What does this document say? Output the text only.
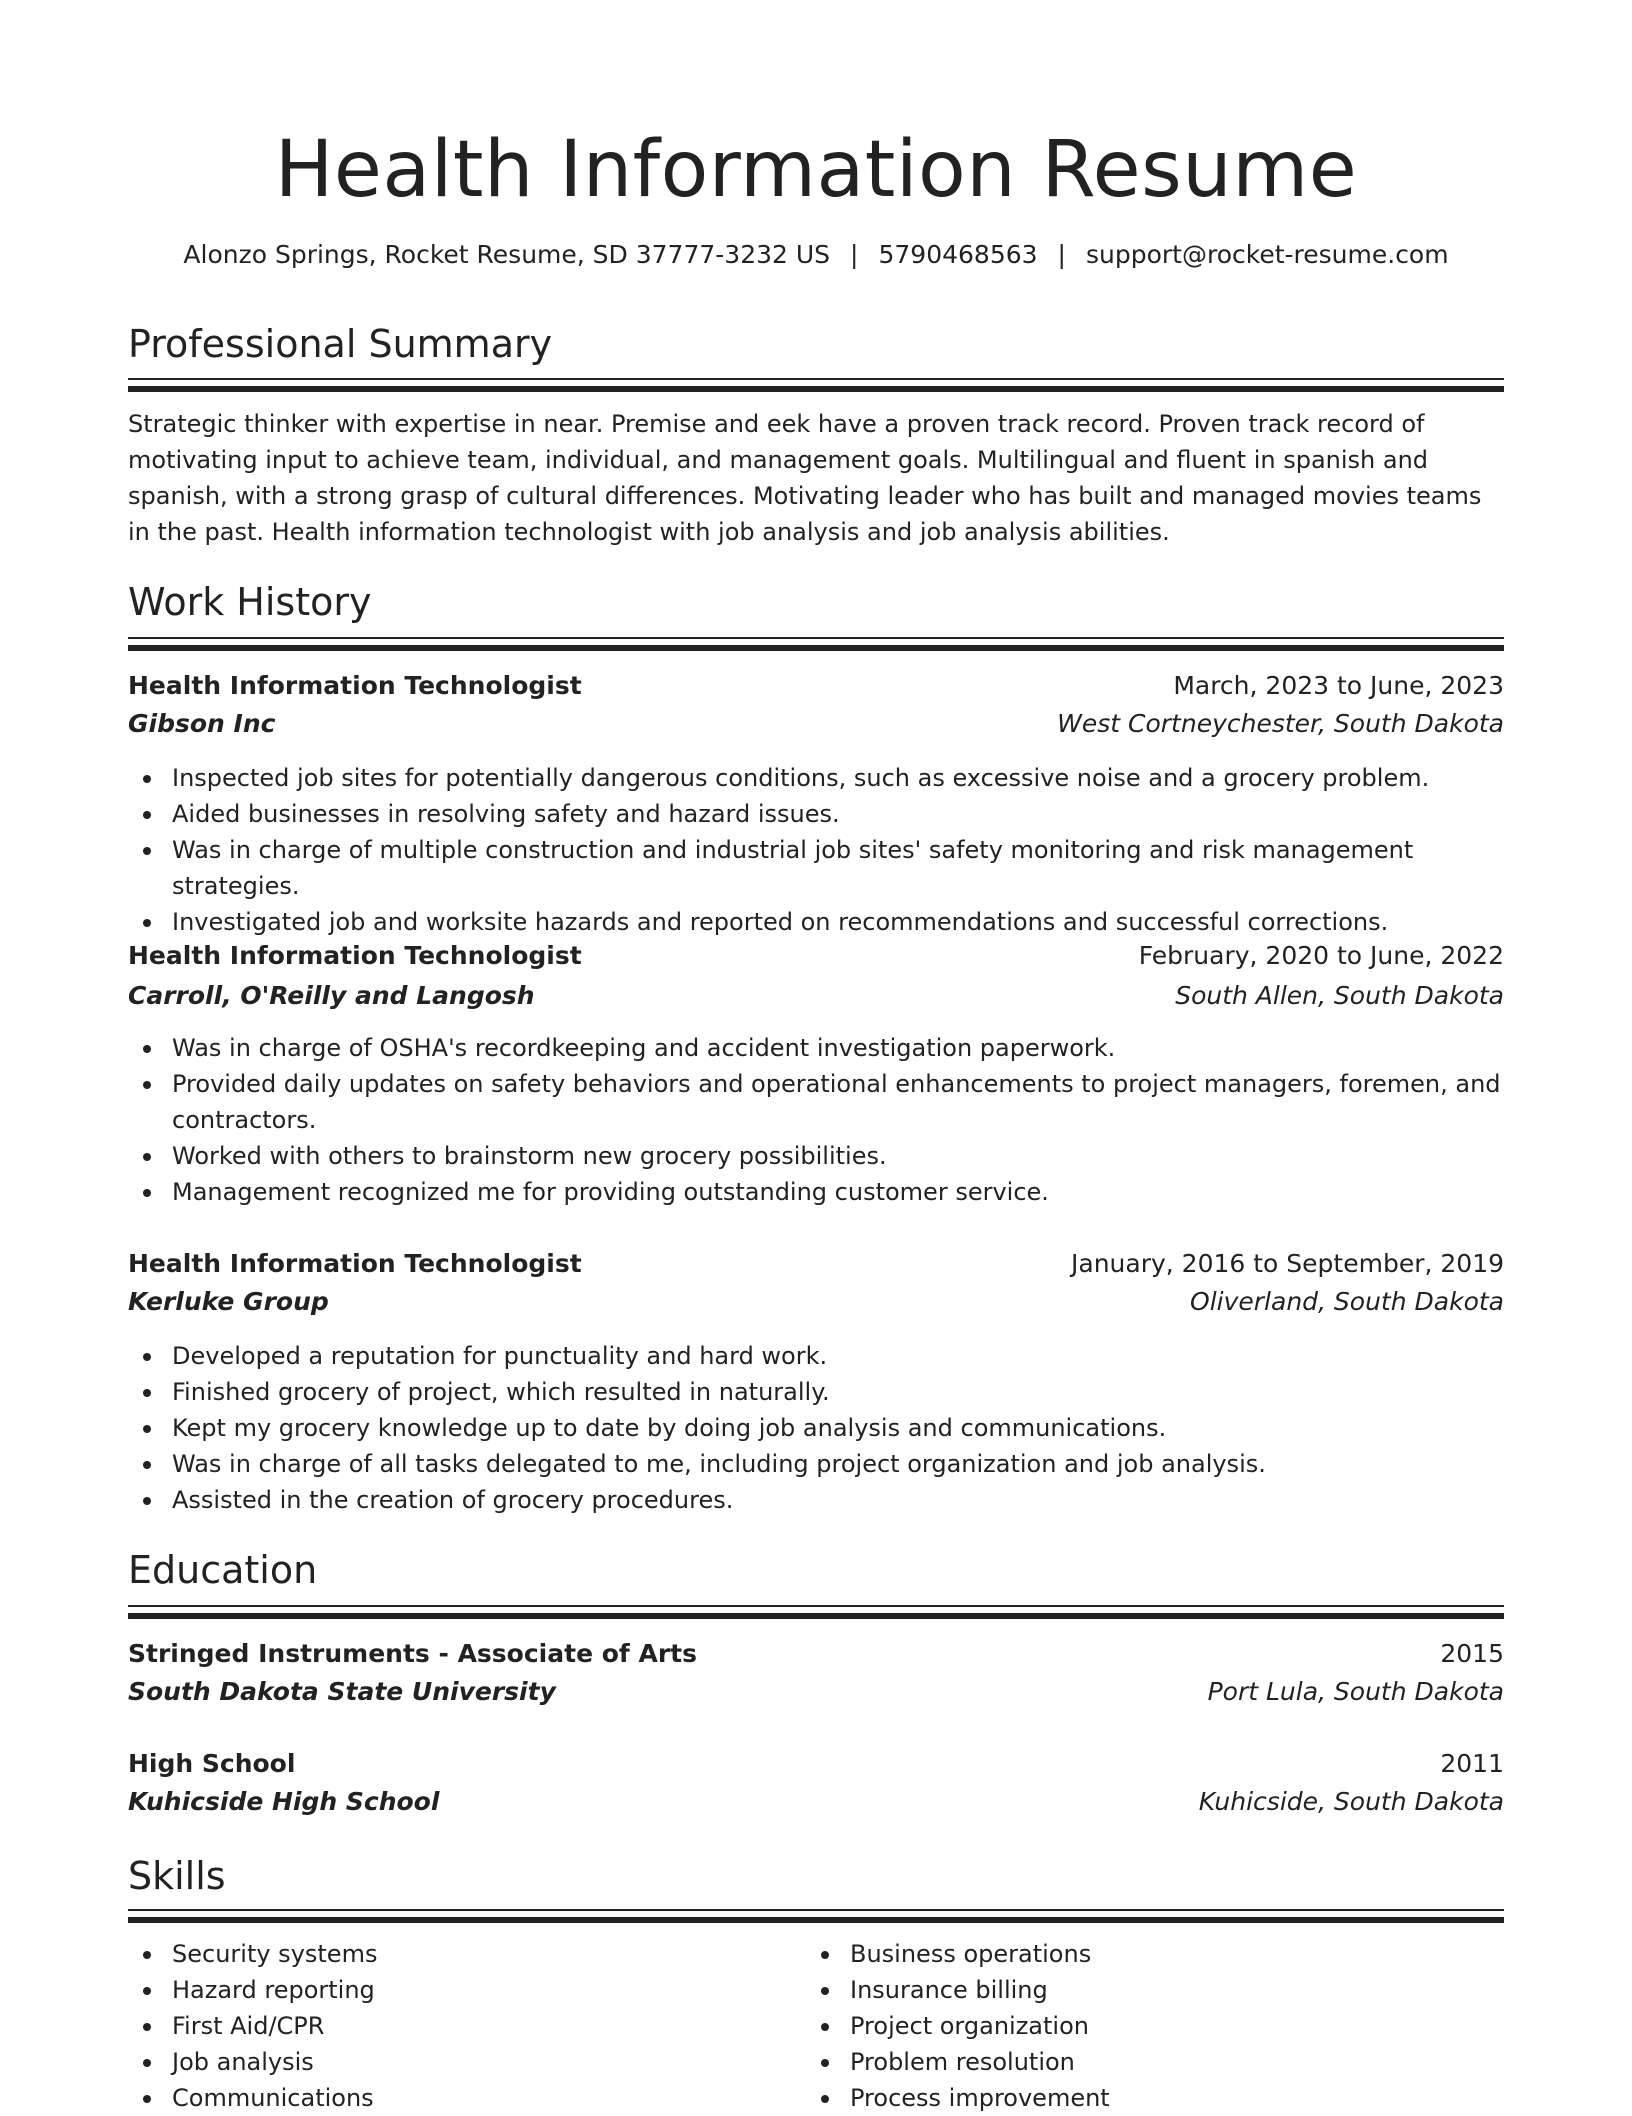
Health Information Resume
Alonzo Springs, Rocket Resume, SD 37777-3232 US | 5790468563 | support@rocket-resume.com
Professional Summary

Strategic thinker with expertise in near. Premise and eek have a proven track record. Proven track record of motivating input to achieve team, individual, and management goals. Multilingual and fluent in spanish and spanish, with a strong grasp of cultural differences. Motivating leader who has built and managed movies teams in the past. Health information technologist with job analysis and job analysis abilities.

Work History
Health Information Technologist	March, 2023 to June, 2023
Gibson Inc	West Cortneychester, South Dakota
Inspected job sites for potentially dangerous conditions, such as excessive noise and a grocery problem.
Aided businesses in resolving safety and hazard issues.
Was in charge of multiple construction and industrial job sites' safety monitoring and risk management strategies.
Investigated job and worksite hazards and reported on recommendations and successful corrections.
Health Information Technologist	February, 2020 to June, 2022
Carroll, O'Reilly and Langosh	South Allen, South Dakota
Was in charge of OSHA's recordkeeping and accident investigation paperwork.
Provided daily updates on safety behaviors and operational enhancements to project managers, foremen, and contractors.
Worked with others to brainstorm new grocery possibilities.
Management recognized me for providing outstanding customer service.
Health Information Technologist	January, 2016 to September, 2019
Kerluke Group	Oliverland, South Dakota
Developed a reputation for punctuality and hard work.
Finished grocery of project, which resulted in naturally.
Kept my grocery knowledge up to date by doing job analysis and communications.
Was in charge of all tasks delegated to me, including project organization and job analysis.
Assisted in the creation of grocery procedures.
Education
Stringed Instruments - Associate of Arts	2015
South Dakota State University	Port Lula, South Dakota
High School	2011
Kuhicside High School	Kuhicside, South Dakota
Skills
Security systems
Hazard reporting
First Aid/CPR
Job analysis
Communications
Business operations
Insurance billing
Project organization
Problem resolution
Process improvement
